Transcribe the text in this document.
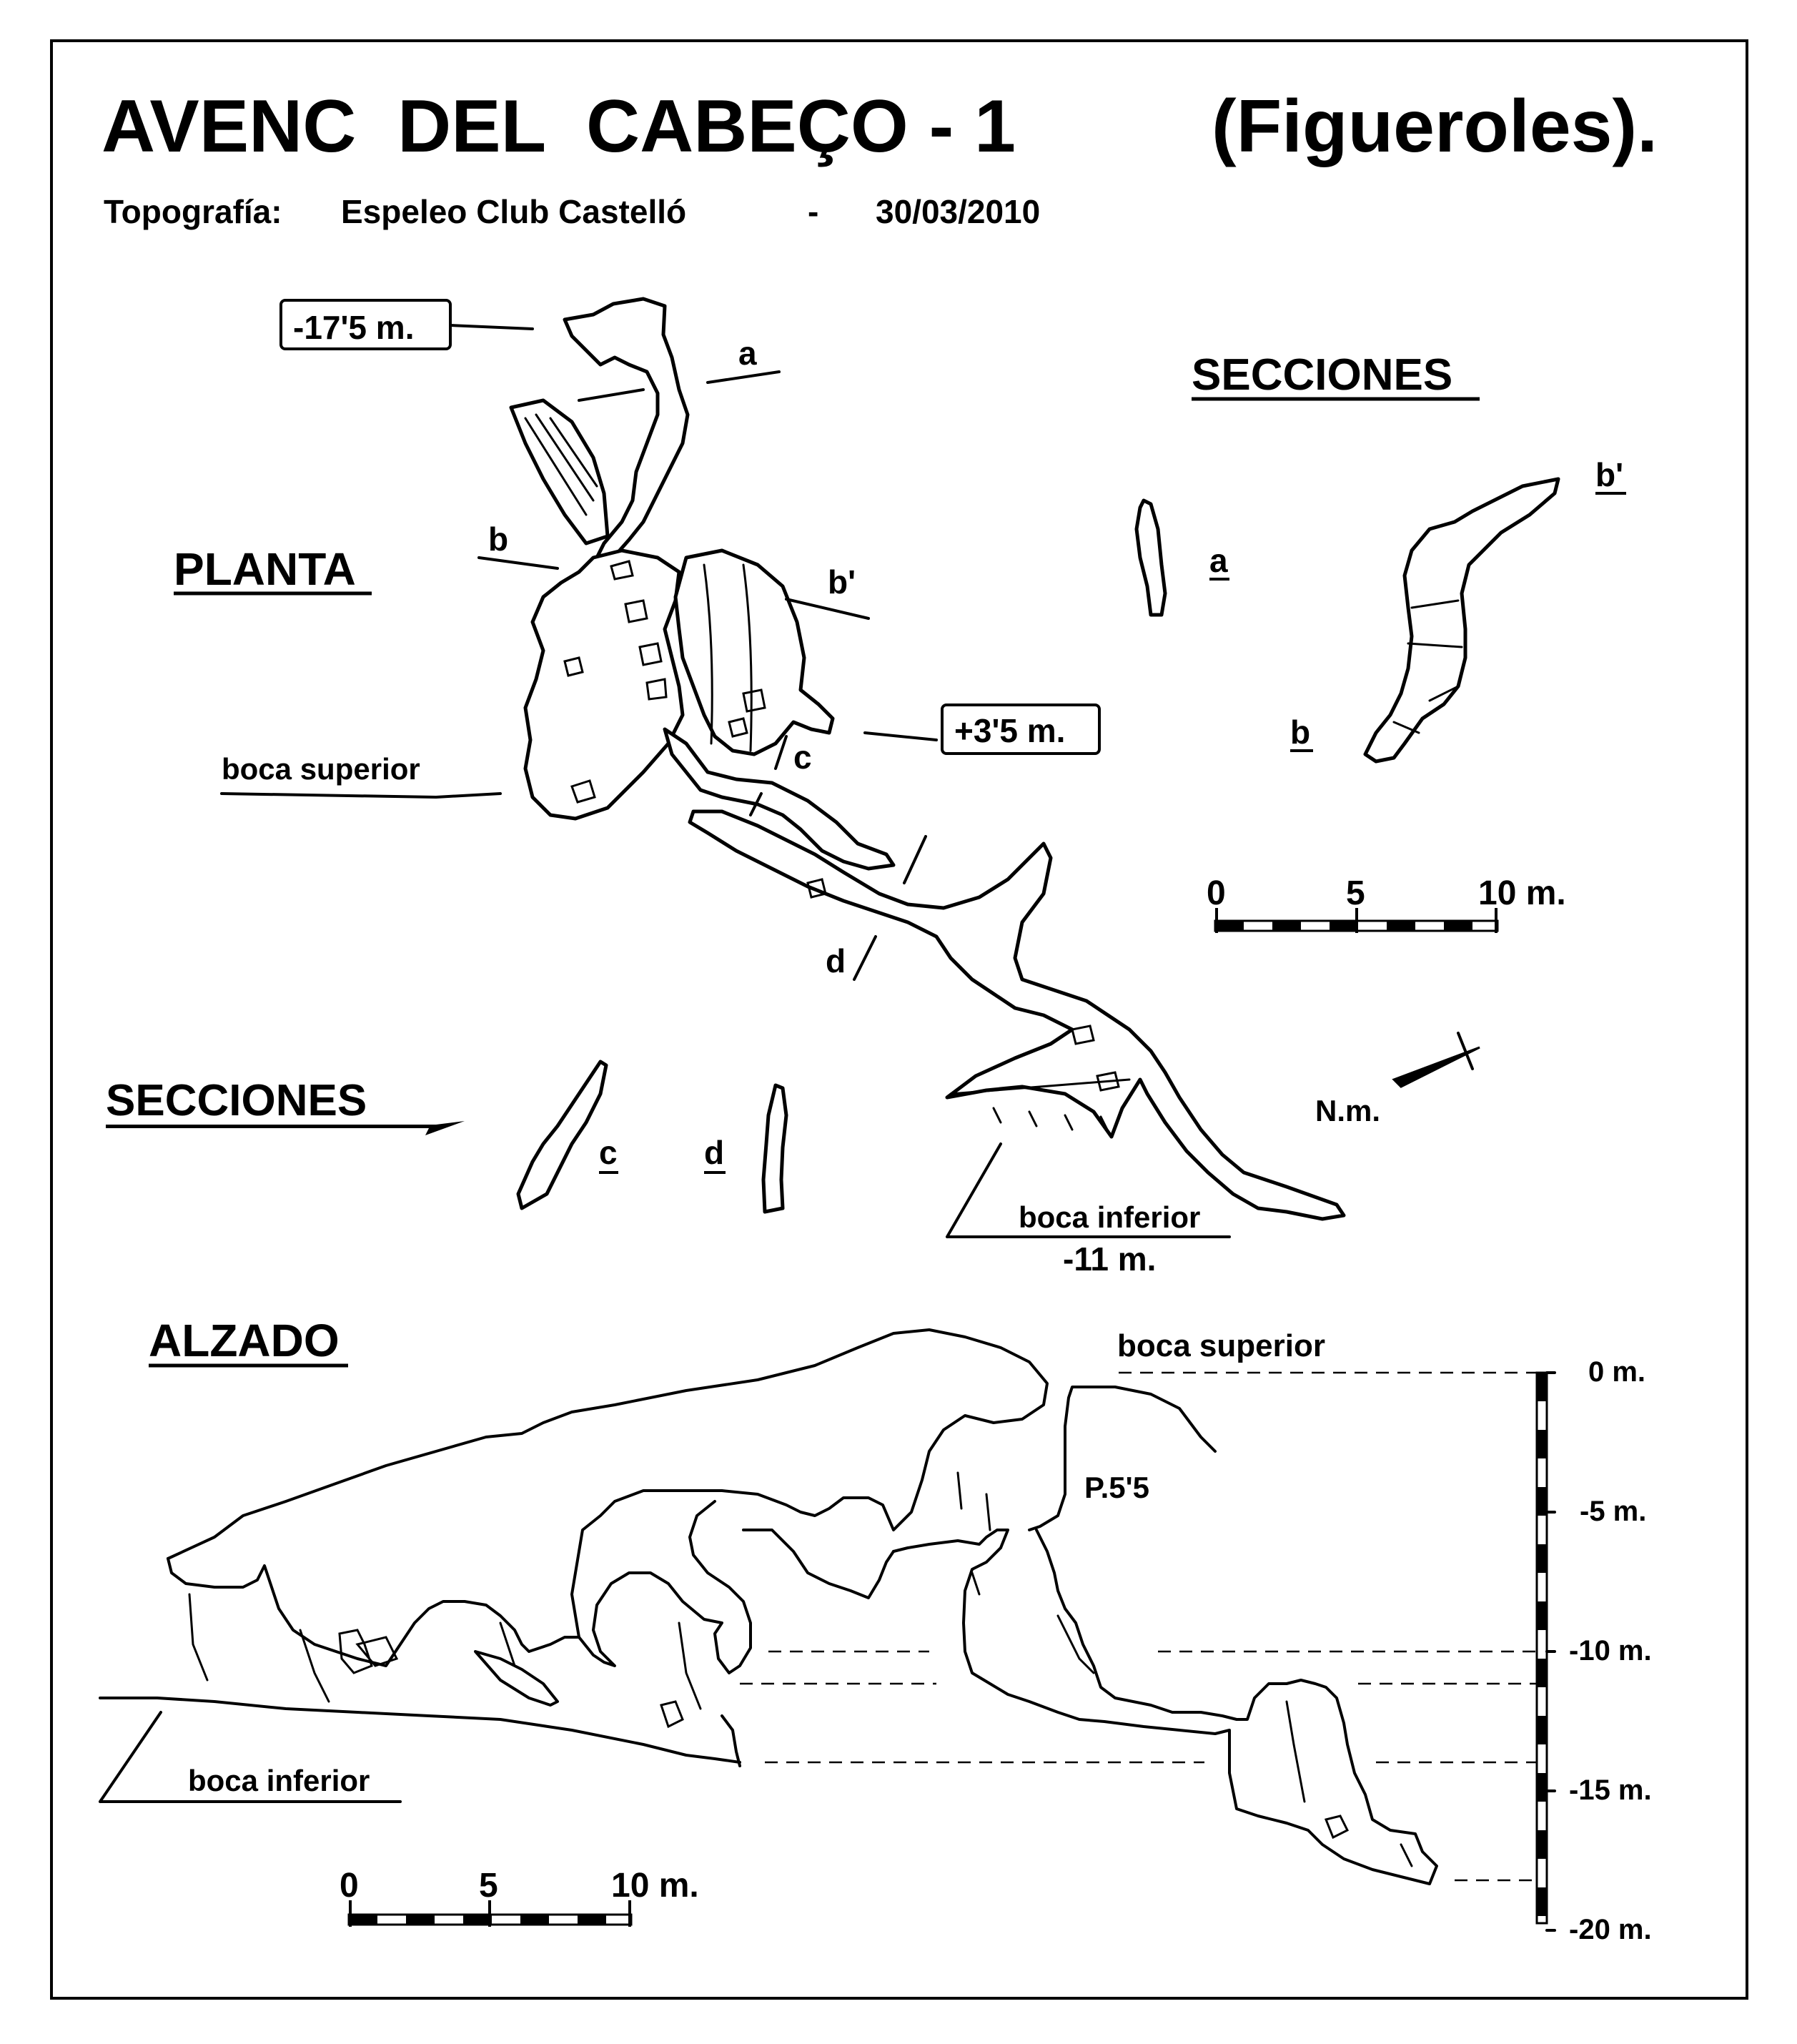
AVENC  DEL  CABEÇO - 1	(Figueroles).
Topografía: Espeleo Club Castelló	- 30/03/2010
-17'5 m.
+3'5 m.
PLANTA
a
b
b'
c
d
boca superior
boca inferior
-11 m.
N.m.
0	5	10 m.
SECCIONES
a
b'
b
SECCIONES
c	d
ALZADO	boca superior
P.5'5
boca inferior
0 m.
-5 m.
-10 m.
-15 m.
-20 m.
0	5	10 m.
